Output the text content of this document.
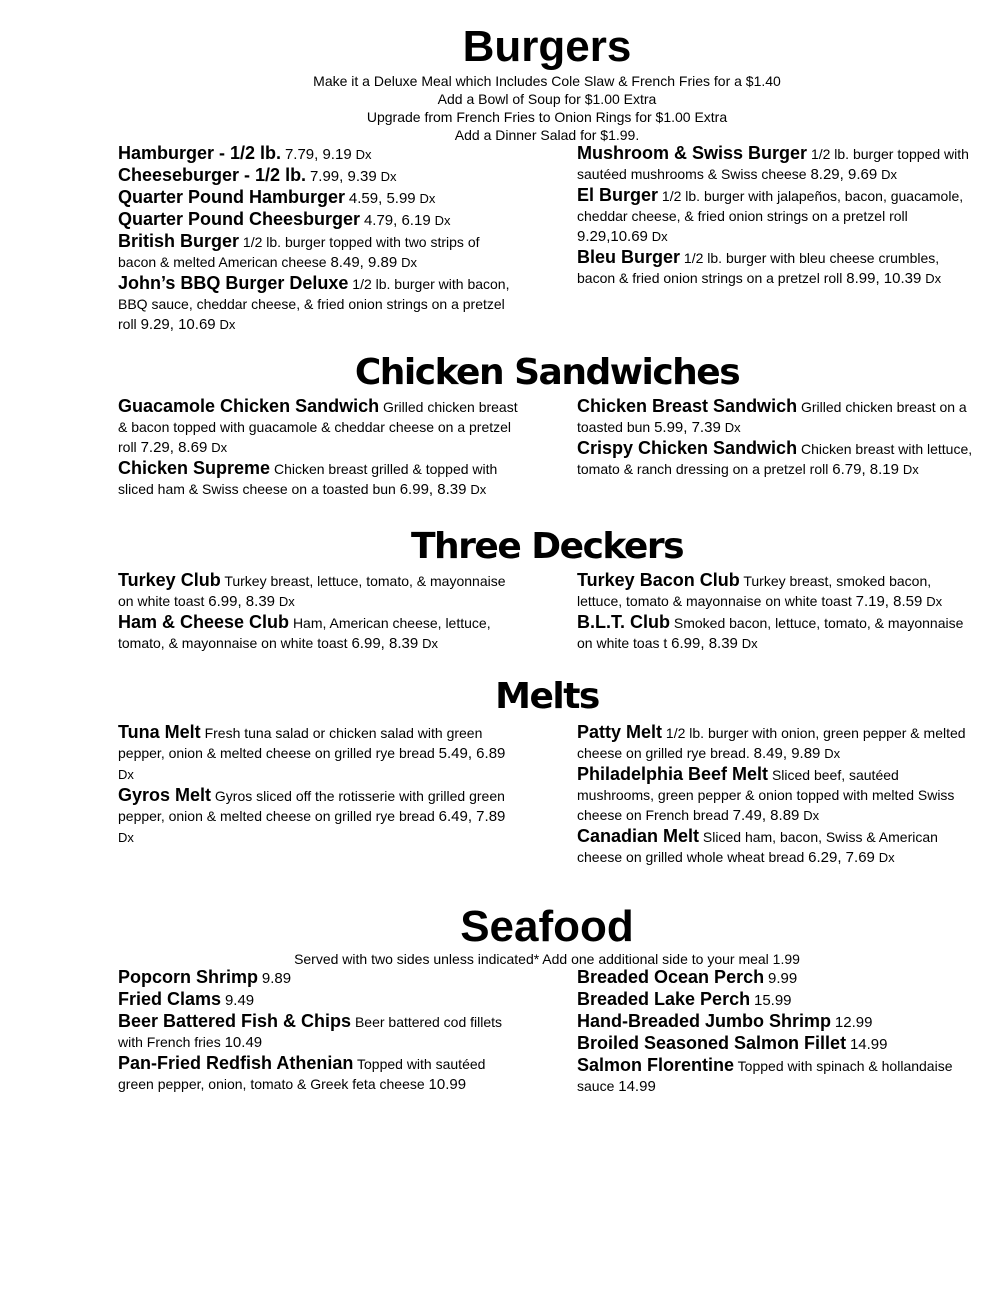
Burgers
Make it a Deluxe Meal which Includes Cole Slaw & French Fries for a $1.40
Add a Bowl of Soup for $1.00 Extra
Upgrade from French Fries to Onion Rings for $1.00 Extra
Add a Dinner Salad for $1.99.

Hamburger - 1/2 lb. 7.79, 9.19 Dx

Cheeseburger - 1/2 lb. 7.99, 9.39 Dx

Quarter Pound Hamburger 4.59, 5.99 Dx

Quarter Pound Cheesburger 4.79, 6.19 Dx

British Burger 1/2 lb. burger topped with two strips of bacon & melted American cheese 8.49, 9.89 Dx

John’s BBQ Burger Deluxe 1/2 lb. burger with bacon, BBQ sauce, cheddar cheese, & fried onion strings on a pretzel roll 9.29, 10.69 Dx

Mushroom & Swiss Burger 1/2 lb. burger topped with sautéed mushrooms & Swiss cheese 8.29, 9.69 Dx

El Burger 1/2 lb. burger with jalapeños, bacon, guacamole, cheddar cheese, & fried onion strings on a pretzel roll 9.29,10.69 Dx

Bleu Burger 1/2 lb. burger with bleu cheese crumbles, bacon & fried onion strings on a pretzel roll 8.99, 10.39 Dx

Chicken Sandwiches

Guacamole Chicken Sandwich Grilled chicken breast & bacon topped with guacamole & cheddar cheese on a pretzel roll 7.29, 8.69 Dx

Chicken Supreme Chicken breast grilled & topped with sliced ham & Swiss cheese on a toasted bun 6.99, 8.39 Dx

Chicken Breast Sandwich Grilled chicken breast on a toasted bun 5.99, 7.39 Dx

Crispy Chicken Sandwich Chicken breast with lettuce, tomato & ranch dressing on a pretzel roll 6.79, 8.19 Dx

Three Deckers

Turkey Club Turkey breast, lettuce, tomato, & mayonnaise on white toast 6.99, 8.39 Dx

Ham & Cheese Club Ham, American cheese, lettuce, tomato, & mayonnaise on white toast 6.99, 8.39 Dx

Turkey Bacon Club Turkey breast, smoked bacon, lettuce, tomato & mayonnaise on white toast 7.19, 8.59 Dx

B.L.T. Club Smoked bacon, lettuce, tomato, & mayonnaise on white toas t 6.99, 8.39 Dx

Melts

Tuna Melt Fresh tuna salad or chicken salad with green pepper, onion & melted cheese on grilled rye bread 5.49, 6.89 Dx

Gyros Melt Gyros sliced off the rotisserie with grilled green pepper, onion & melted cheese on grilled rye bread 6.49, 7.89 Dx

Patty Melt 1/2 lb. burger with onion, green pepper & melted cheese on grilled rye bread. 8.49, 9.89 Dx

Philadelphia Beef Melt Sliced beef, sautéed mushrooms, green pepper & onion topped with melted Swiss cheese on French bread 7.49, 8.89 Dx

Canadian Melt Sliced ham, bacon, Swiss & American cheese on grilled whole wheat bread 6.29, 7.69 Dx

Seafood
Served with two sides unless indicated* Add one additional side to your meal 1.99

Popcorn Shrimp 9.89

Fried Clams 9.49

Beer Battered Fish & Chips Beer battered cod fillets with French fries 10.49

Pan-Fried Redfish Athenian Topped with sautéed green pepper, onion, tomato & Greek feta cheese 10.99

Breaded Ocean Perch 9.99

Breaded Lake Perch 15.99

Hand-Breaded Jumbo Shrimp 12.99

Broiled Seasoned Salmon Fillet 14.99

Salmon Florentine Topped with spinach & hollandaise sauce 14.99
